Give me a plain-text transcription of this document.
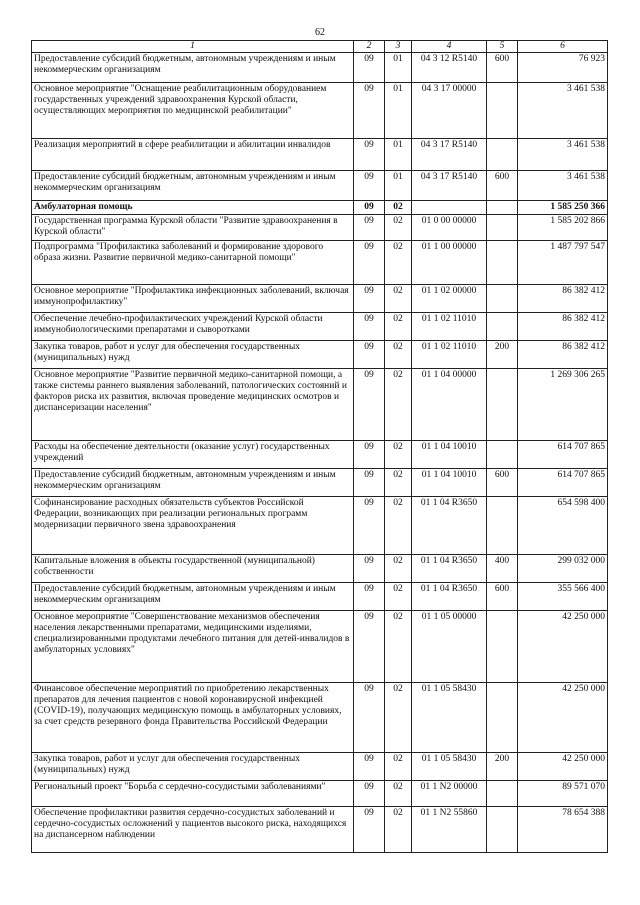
62
1	2	3	4	5	6
Предоставление субсидий бюджетным, автономным учреждениям и иным некоммерческим организациям	09	01	04 3 12 R5140	600	76 923
Основное мероприятие "Оснащение реабилитационным оборудованием государственных учреждений здравоохранения Курской области, осуществляющих мероприятия по медицинской реабилитации"	09	01	04 3 17 00000		3 461 538
Реализация мероприятий в сфере реабилитации и абилитации инвалидов	09	01	04 3 17 R5140		3 461 538
Предоставление субсидий бюджетным, автономным учреждениям и иным некоммерческим организациям	09	01	04 3 17 R5140	600	3 461 538
Амбулаторная помощь	09	02			1 585 250 366
Государственная программа Курской области "Развитие здравоохранения в Курской области"	09	02	01 0 00 00000		1 585 202 866
Подпрограмма "Профилактика заболеваний и формирование здорового образа жизни. Развитие первичной медико-санитарной помощи"	09	02	01 1 00 00000		1 487 797 547
Основное мероприятие "Профилактика инфекционных заболеваний, включая иммунопрофилактику"	09	02	01 1 02 00000		86 382 412
Обеспечение лечебно-профилактических учреждений Курской области иммунобиологическими препаратами и сыворотками	09	02	01 1 02 11010		86 382 412
Закупка товаров, работ и услуг для обеспечения государственных (муниципальных) нужд	09	02	01 1 02 11010	200	86 382 412
Основное мероприятие "Развитие первичной медико-санитарной помощи, а также системы раннего выявления заболеваний, патологических состояний и факторов риска их развития, включая проведение медицинских осмотров и диспансеризации населения"	09	02	01 1 04 00000		1 269 306 265
Расходы на обеспечение деятельности (оказание услуг) государственных учреждений	09	02	01 1 04 10010		614 707 865
Предоставление субсидий бюджетным, автономным учреждениям и иным некоммерческим организациям	09	02	01 1 04 10010	600	614 707 865
Софинансирование расходных обязательств субъектов Российской Федерации, возникающих при реализации региональных программ модернизации первичного звена здравоохранения	09	02	01 1 04 R3650		654 598 400
Капитальные вложения в объекты государственной (муниципальной) собственности	09	02	01 1 04 R3650	400	299 032 000
Предоставление субсидий бюджетным, автономным учреждениям и иным некоммерческим организациям	09	02	01 1 04 R3650	600	355 566 400
Основное мероприятие "Совершенствование механизмов обеспечения населения лекарственными препаратами, медицинскими изделиями, специализированными продуктами лечебного питания для детей-инвалидов в амбулаторных условиях"	09	02	01 1 05 00000		42 250 000
Финансовое обеспечение мероприятий по приобретению лекарственных препаратов для лечения пациентов с новой коронавирусной инфекцией (COVID-19), получающих медицинскую помощь в амбулаторных условиях, за счет средств резервного фонда Правительства Российской Федерации	09	02	01 1 05 58430		42 250 000
Закупка товаров, работ и услуг для обеспечения государственных (муниципальных) нужд	09	02	01 1 05 58430	200	42 250 000
Региональный проект "Борьба с сердечно-сосудистыми заболеваниями"	09	02	01 1 N2 00000		89 571 070
Обеспечение профилактики развития сердечно-сосудистых заболеваний и сердечно-сосудистых осложнений у пациентов высокого риска, находящихся на диспансерном наблюдении	09	02	01 1 N2 55860		78 654 388
